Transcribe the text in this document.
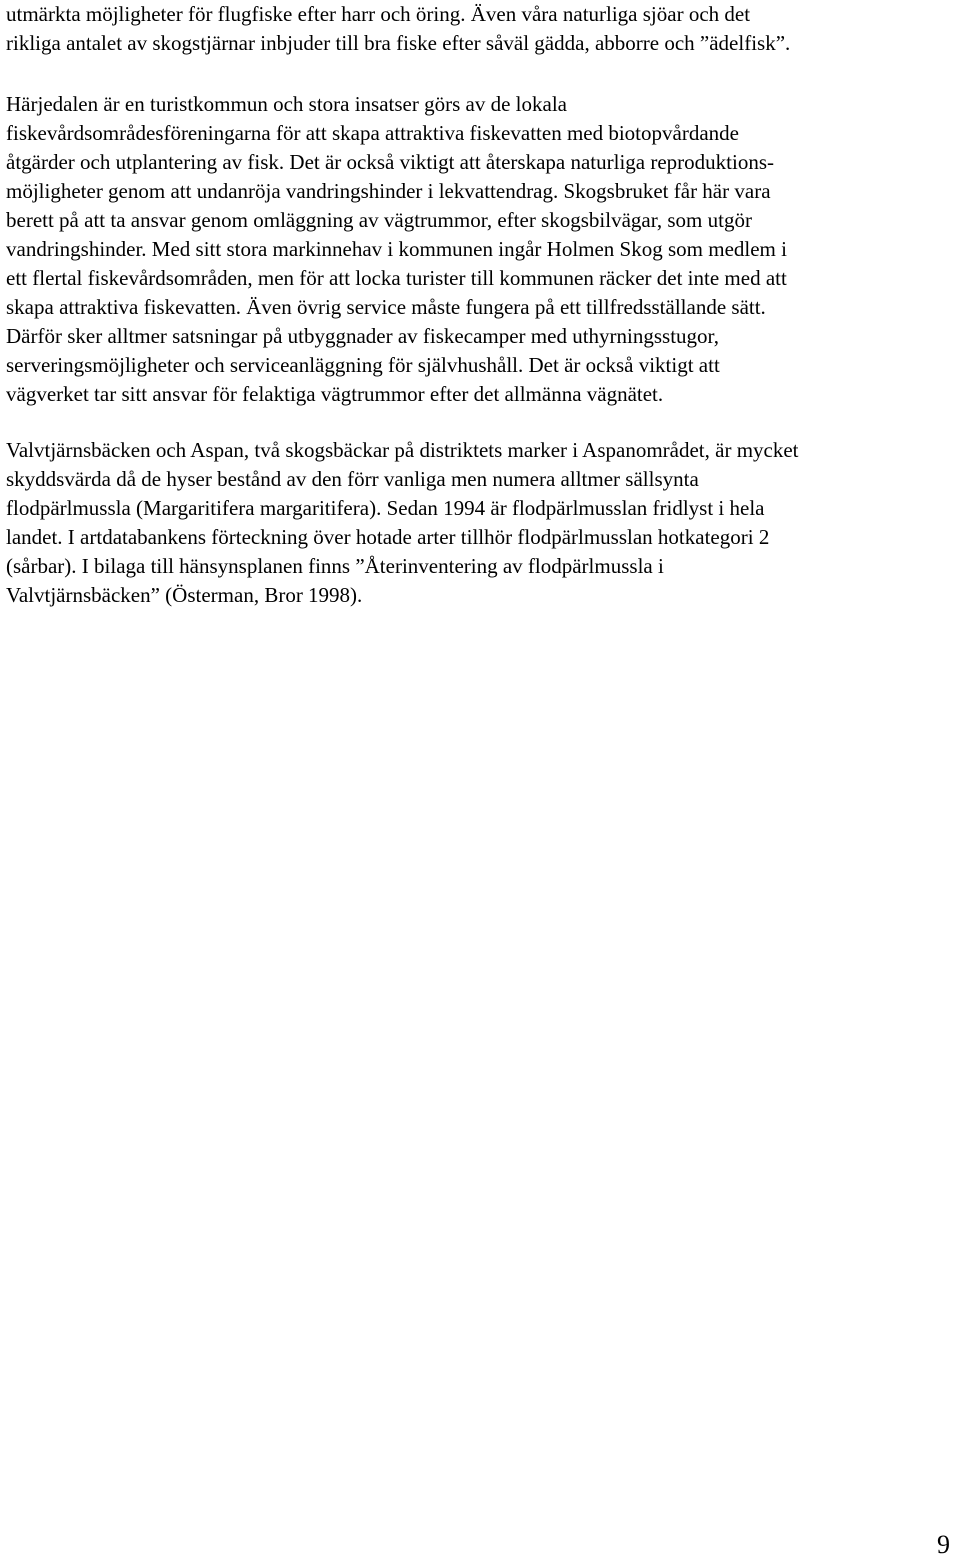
utmärkta möjligheter för flugfiske efter harr och öring. Även våra naturliga sjöar och det
rikliga antalet av skogstjärnar inbjuder till bra fiske efter såväl gädda, abborre och ”ädelfisk”.
Härjedalen är en turistkommun och stora insatser görs av de lokala
fiskevårdsområdesföreningarna för att skapa attraktiva fiskevatten med biotopvårdande
åtgärder och utplantering av fisk. Det är också viktigt att återskapa naturliga reproduktions-
möjligheter genom att undanröja vandringshinder i lekvattendrag. Skogsbruket får här vara
berett på att ta ansvar genom omläggning av vägtrummor, efter skogsbilvägar, som utgör
vandringshinder. Med sitt stora markinnehav i kommunen ingår Holmen Skog som medlem i
ett flertal fiskevårdsområden, men för att locka turister till kommunen räcker det inte med att
skapa attraktiva fiskevatten. Även övrig service måste fungera på ett tillfredsställande sätt.
Därför sker alltmer satsningar på utbyggnader av fiskecamper med uthyrningsstugor,
serveringsmöjligheter och serviceanläggning för självhushåll. Det är också viktigt att
vägverket tar sitt ansvar för felaktiga vägtrummor efter det allmänna vägnätet.
Valvtjärnsbäcken och Aspan, två skogsbäckar på distriktets marker i Aspanområdet, är mycket
skyddsvärda då de hyser bestånd av den förr vanliga men numera alltmer sällsynta
flodpärlmussla (Margaritifera margaritifera). Sedan 1994 är flodpärlmusslan fridlyst i hela
landet. I artdatabankens förteckning över hotade arter tillhör flodpärlmusslan hotkategori 2
(sårbar). I bilaga till hänsynsplanen finns ”Återinventering av flodpärlmussla i
Valvtjärnsbäcken” (Österman, Bror 1998).
9
